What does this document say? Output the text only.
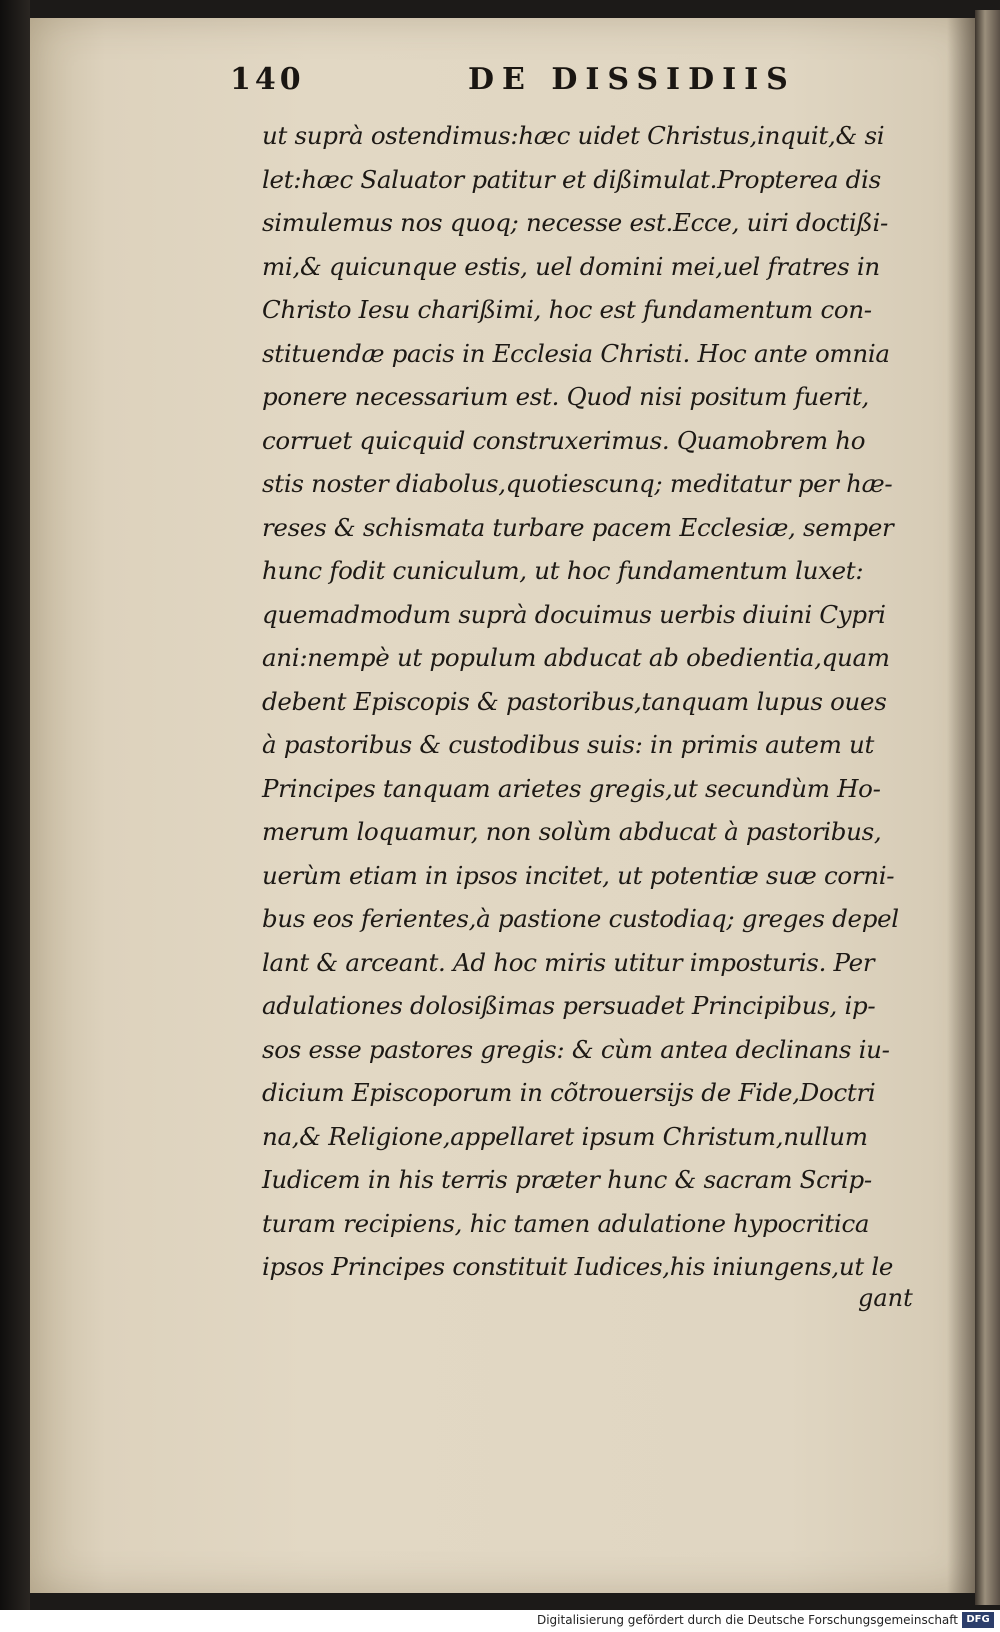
140	DE DISSIDIIS
ut suprà ostendimus:hæc uidet Christus,inquit,& si
let:hæc Saluator patitur et dißimulat.Propterea dis
simulemus nos quoq; necesse est.Ecce, uiri doctißi-
mi,& quicunque estis, uel domini mei,uel fratres in
Christo Iesu charißimi, hoc est fundamentum con-
stituendæ pacis in Ecclesia Christi. Hoc ante omnia
ponere necessarium est. Quod nisi positum fuerit,
corruet quicquid construxerimus. Quamobrem ho
stis noster diabolus,quotiescunq; meditatur per hæ-
reses & schismata turbare pacem Ecclesiæ, semper
hunc fodit cuniculum, ut hoc fundamentum luxet:
quemadmodum suprà docuimus uerbis diuini Cypri
ani:nempè ut populum abducat ab obedientia,quam
debent Episcopis & pastoribus,tanquam lupus oues
à pastoribus & custodibus suis: in primis autem ut
Principes tanquam arietes gregis,ut secundùm Ho-
merum loquamur, non solùm abducat à pastoribus,
uerùm etiam in ipsos incitet, ut potentiæ suæ corni-
bus eos ferientes,à pastione custodiaq; greges depel
lant & arceant. Ad hoc miris utitur imposturis. Per
adulationes dolosißimas persuadet Principibus, ip-
sos esse pastores gregis: & cùm antea declinans iu-
dicium Episcoporum in cõtrouersijs de Fide,Doctri
na,& Religione,appellaret ipsum Christum,nullum
Iudicem in his terris præter hunc & sacram Scrip-
turam recipiens, hic tamen adulatione hypocritica
ipsos Principes constituit Iudices,his iniungens,ut le
gant
Digitalisierung gefördert durch die Deutsche Forschungsgemeinschaft DFG
